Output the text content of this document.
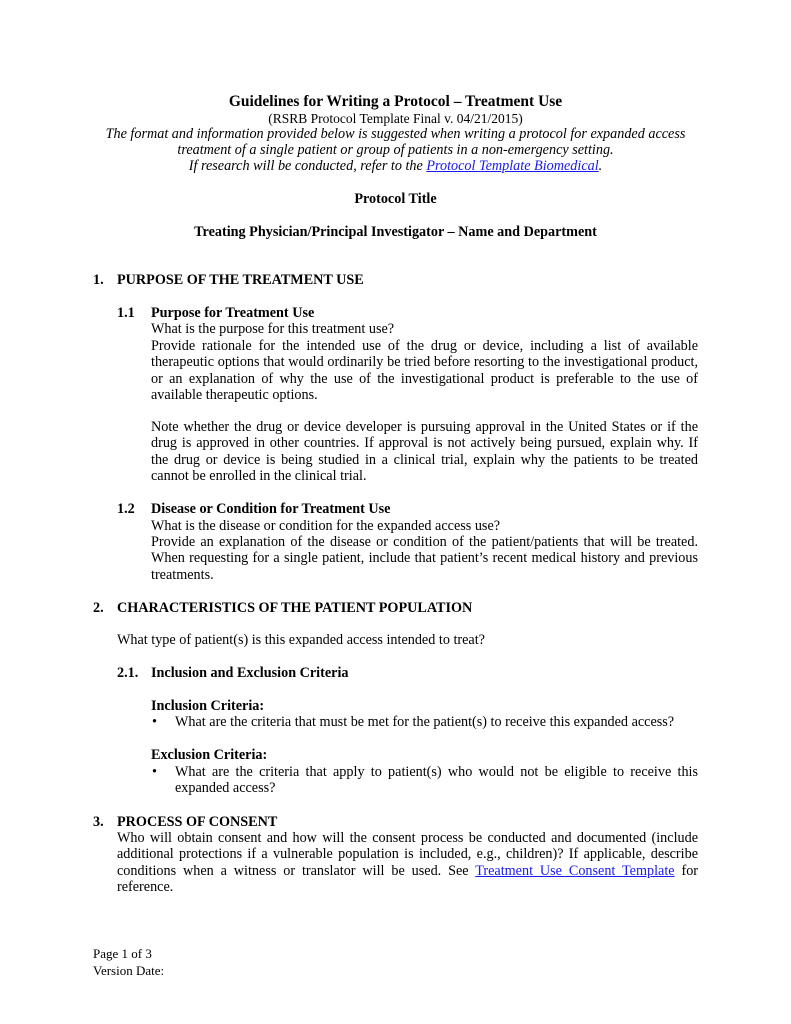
Guidelines for Writing a Protocol – Treatment Use
(RSRB Protocol Template Final v. 04/21/2015)
The format and information provided below is suggested when writing a protocol for expanded access
treatment of a single patient or group of patients in a non-emergency setting.
If research will be conducted, refer to the Protocol Template Biomedical.
Protocol Title
Treating Physician/Principal Investigator – Name and Department
1. PURPOSE OF THE TREATMENT USE
1.1 Purpose for Treatment Use
What is the purpose for this treatment use?
Provide rationale for the intended use of the drug or device, including a list of available therapeutic options that would ordinarily be tried before resorting to the investigational product, or an explanation of why the use of the investigational product is preferable to the use of available therapeutic options.
Note whether the drug or device developer is pursuing approval in the United States or if the drug is approved in other countries. If approval is not actively being pursued, explain why. If the drug or device is being studied in a clinical trial, explain why the patients to be treated cannot be enrolled in the clinical trial.
1.2 Disease or Condition for Treatment Use
What is the disease or condition for the expanded access use?
Provide an explanation of the disease or condition of the patient/patients that will be treated. When requesting for a single patient, include that patient’s recent medical history and previous treatments.
2. CHARACTERISTICS OF THE PATIENT POPULATION
What type of patient(s) is this expanded access intended to treat?
2.1. Inclusion and Exclusion Criteria
Inclusion Criteria:
• What are the criteria that must be met for the patient(s) to receive this expanded access?
Exclusion Criteria:
• What are the criteria that apply to patient(s) who would not be eligible to receive this expanded access?
3. PROCESS OF CONSENT
Who will obtain consent and how will the consent process be conducted and documented (include additional protections if a vulnerable population is included, e.g., children)? If applicable, describe conditions when a witness or translator will be used. See Treatment Use Consent Template for reference.
Page 1 of 3
Version Date:
